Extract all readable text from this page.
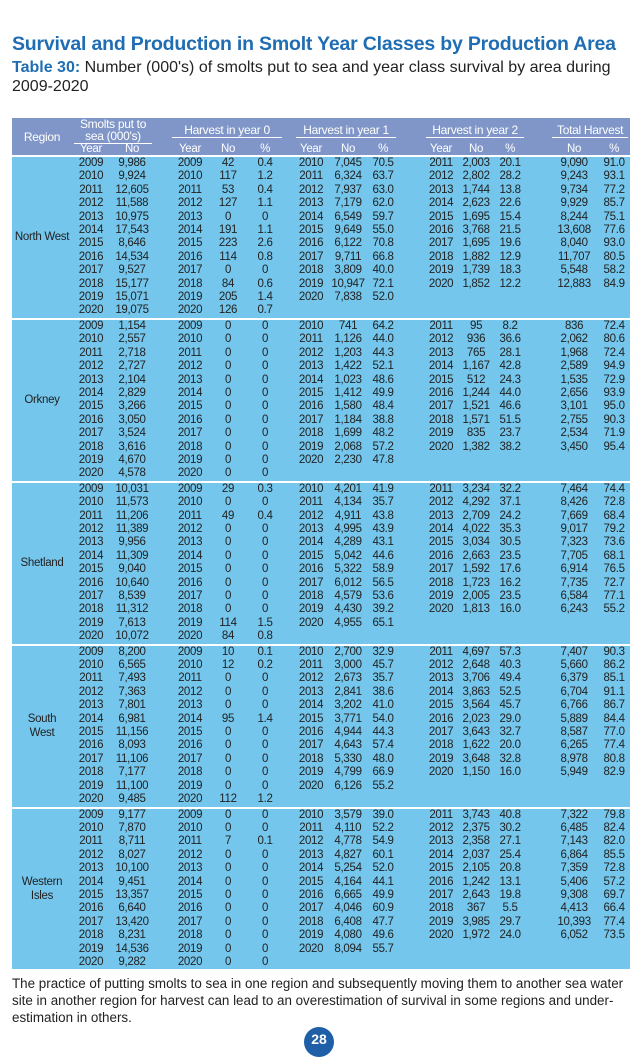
Survival and Production in Smolt Year Classes by Production Area
Table 30: Number (000's) of smolts put to sea and year class survival by area during 2009-2020
Region	Smolts put to sea (000's)			Harvest in year 0				Harvest in year 1				Harvest in year 2				Total Harvest	

	Year	No		Year	No	%		Year	No	%		Year	No	%		No	%
North West	2009	9,986		2009	42	0.4		2010	7,045	70.5		2011	2,003	20.1		9,090	91.0
	2010	9,924		2010	117	1.2		2011	6,324	63.7		2012	2,802	28.2		9,243	93.1
	2011	12,605		2011	53	0.4		2012	7,937	63.0		2013	1,744	13.8		9,734	77.2
	2012	11,588		2012	127	1.1		2013	7,179	62.0		2014	2,623	22.6		9,929	85.7
	2013	10,975		2013	0	0		2014	6,549	59.7		2015	1,695	15.4		8,244	75.1
	2014	17,543		2014	191	1.1		2015	9,649	55.0		2016	3,768	21.5		13,608	77.6
	2015	8,646		2015	223	2.6		2016	6,122	70.8		2017	1,695	19.6		8,040	93.0
	2016	14,534		2016	114	0.8		2017	9,711	66.8		2018	1,882	12.9		11,707	80.5
	2017	9,527		2017	0	0		2018	3,809	40.0		2019	1,739	18.3		5,548	58.2
	2018	15,177		2018	84	0.6		2019	10,947	72.1		2020	1,852	12.2		12,883	84.9
	2019	15,071		2019	205	1.4		2020	7,838	52.0							
	2020	19,075		2020	126	0.7											
Orkney	2009	1,154		2009	0	0		2010	741	64.2		2011	95	8.2		836	72.4
	2010	2,557		2010	0	0		2011	1,126	44.0		2012	936	36.6		2,062	80.6
	2011	2,718		2011	0	0		2012	1,203	44.3		2013	765	28.1		1,968	72.4
	2012	2,727		2012	0	0		2013	1,422	52.1		2014	1,167	42.8		2,589	94.9
	2013	2,104		2013	0	0		2014	1,023	48.6		2015	512	24.3		1,535	72.9
	2014	2,829		2014	0	0		2015	1,412	49.9		2016	1,244	44.0		2,656	93.9
	2015	3,266		2015	0	0		2016	1,580	48.4		2017	1,521	46.6		3,101	95.0
	2016	3,050		2016	0	0		2017	1,184	38.8		2018	1,571	51.5		2,755	90.3
	2017	3,524		2017	0	0		2018	1,699	48.2		2019	835	23.7		2,534	71.9
	2018	3,616		2018	0	0		2019	2,068	57.2		2020	1,382	38.2		3,450	95.4
	2019	4,670		2019	0	0		2020	2,230	47.8							
	2020	4,578		2020	0	0											
Shetland	2009	10,031		2009	29	0.3		2010	4,201	41.9		2011	3,234	32.2		7,464	74.4
	2010	11,573		2010	0	0		2011	4,134	35.7		2012	4,292	37.1		8,426	72.8
	2011	11,206		2011	49	0.4		2012	4,911	43.8		2013	2,709	24.2		7,669	68.4
	2012	11,389		2012	0	0		2013	4,995	43.9		2014	4,022	35.3		9,017	79.2
	2013	9,956		2013	0	0		2014	4,289	43.1		2015	3,034	30.5		7,323	73.6
	2014	11,309		2014	0	0		2015	5,042	44.6		2016	2,663	23.5		7,705	68.1
	2015	9,040		2015	0	0		2016	5,322	58.9		2017	1,592	17.6		6,914	76.5
	2016	10,640		2016	0	0		2017	6,012	56.5		2018	1,723	16.2		7,735	72.7
	2017	8,539		2017	0	0		2018	4,579	53.6		2019	2,005	23.5		6,584	77.1
	2018	11,312		2018	0	0		2019	4,430	39.2		2020	1,813	16.0		6,243	55.2
	2019	7,613		2019	114	1.5		2020	4,955	65.1							
	2020	10,072		2020	84	0.8											
South West	2009	8,200		2009	10	0.1		2010	2,700	32.9		2011	4,697	57.3		7,407	90.3
	2010	6,565		2010	12	0.2		2011	3,000	45.7		2012	2,648	40.3		5,660	86.2
	2011	7,493		2011	0	0		2012	2,673	35.7		2013	3,706	49.4		6,379	85.1
	2012	7,363		2012	0	0		2013	2,841	38.6		2014	3,863	52.5		6,704	91.1
	2013	7,801		2013	0	0		2014	3,202	41.0		2015	3,564	45.7		6,766	86.7
	2014	6,981		2014	95	1.4		2015	3,771	54.0		2016	2,023	29.0		5,889	84.4
	2015	11,156		2015	0	0		2016	4,944	44.3		2017	3,643	32.7		8,587	77.0
	2016	8,093		2016	0	0		2017	4,643	57.4		2018	1,622	20.0		6,265	77.4
	2017	11,106		2017	0	0		2018	5,330	48.0		2019	3,648	32.8		8,978	80.8
	2018	7,177		2018	0	0		2019	4,799	66.9		2020	1,150	16.0		5,949	82.9
	2019	11,100		2019	0	0		2020	6,126	55.2							
	2020	9,485		2020	112	1.2											
Western Isles	2009	9,177		2009	0	0		2010	3,579	39.0		2011	3,743	40.8		7,322	79.8
	2010	7,870		2010	0	0		2011	4,110	52.2		2012	2,375	30.2		6,485	82.4
	2011	8,711		2011	7	0.1		2012	4,778	54.9		2013	2,358	27.1		7,143	82.0
	2012	8,027		2012	0	0		2013	4,827	60.1		2014	2,037	25.4		6,864	85.5
	2013	10,100		2013	0	0		2014	5,254	52.0		2015	2,105	20.8		7,359	72.8
	2014	9,451		2014	0	0		2015	4,164	44.1		2016	1,242	13.1		5,406	57.2
	2015	13,357		2015	0	0		2016	6,665	49.9		2017	2,643	19.8		9,308	69.7
	2016	6,640		2016	0	0		2017	4,046	60.9		2018	367	5.5		4,413	66.4
	2017	13,420		2017	0	0		2018	6,408	47.7		2019	3,985	29.7		10,393	77.4
	2018	8,231		2018	0	0		2019	4,080	49.6		2020	1,972	24.0		6,052	73.5
	2019	14,536		2019	0	0		2020	8,094	55.7							
	2020	9,282		2020	0	0											
The practice of putting smolts to sea in one region and subsequently moving them to another sea water site in another region for harvest can lead to an overestimation of survival in some regions and under-estimation in others.
28
